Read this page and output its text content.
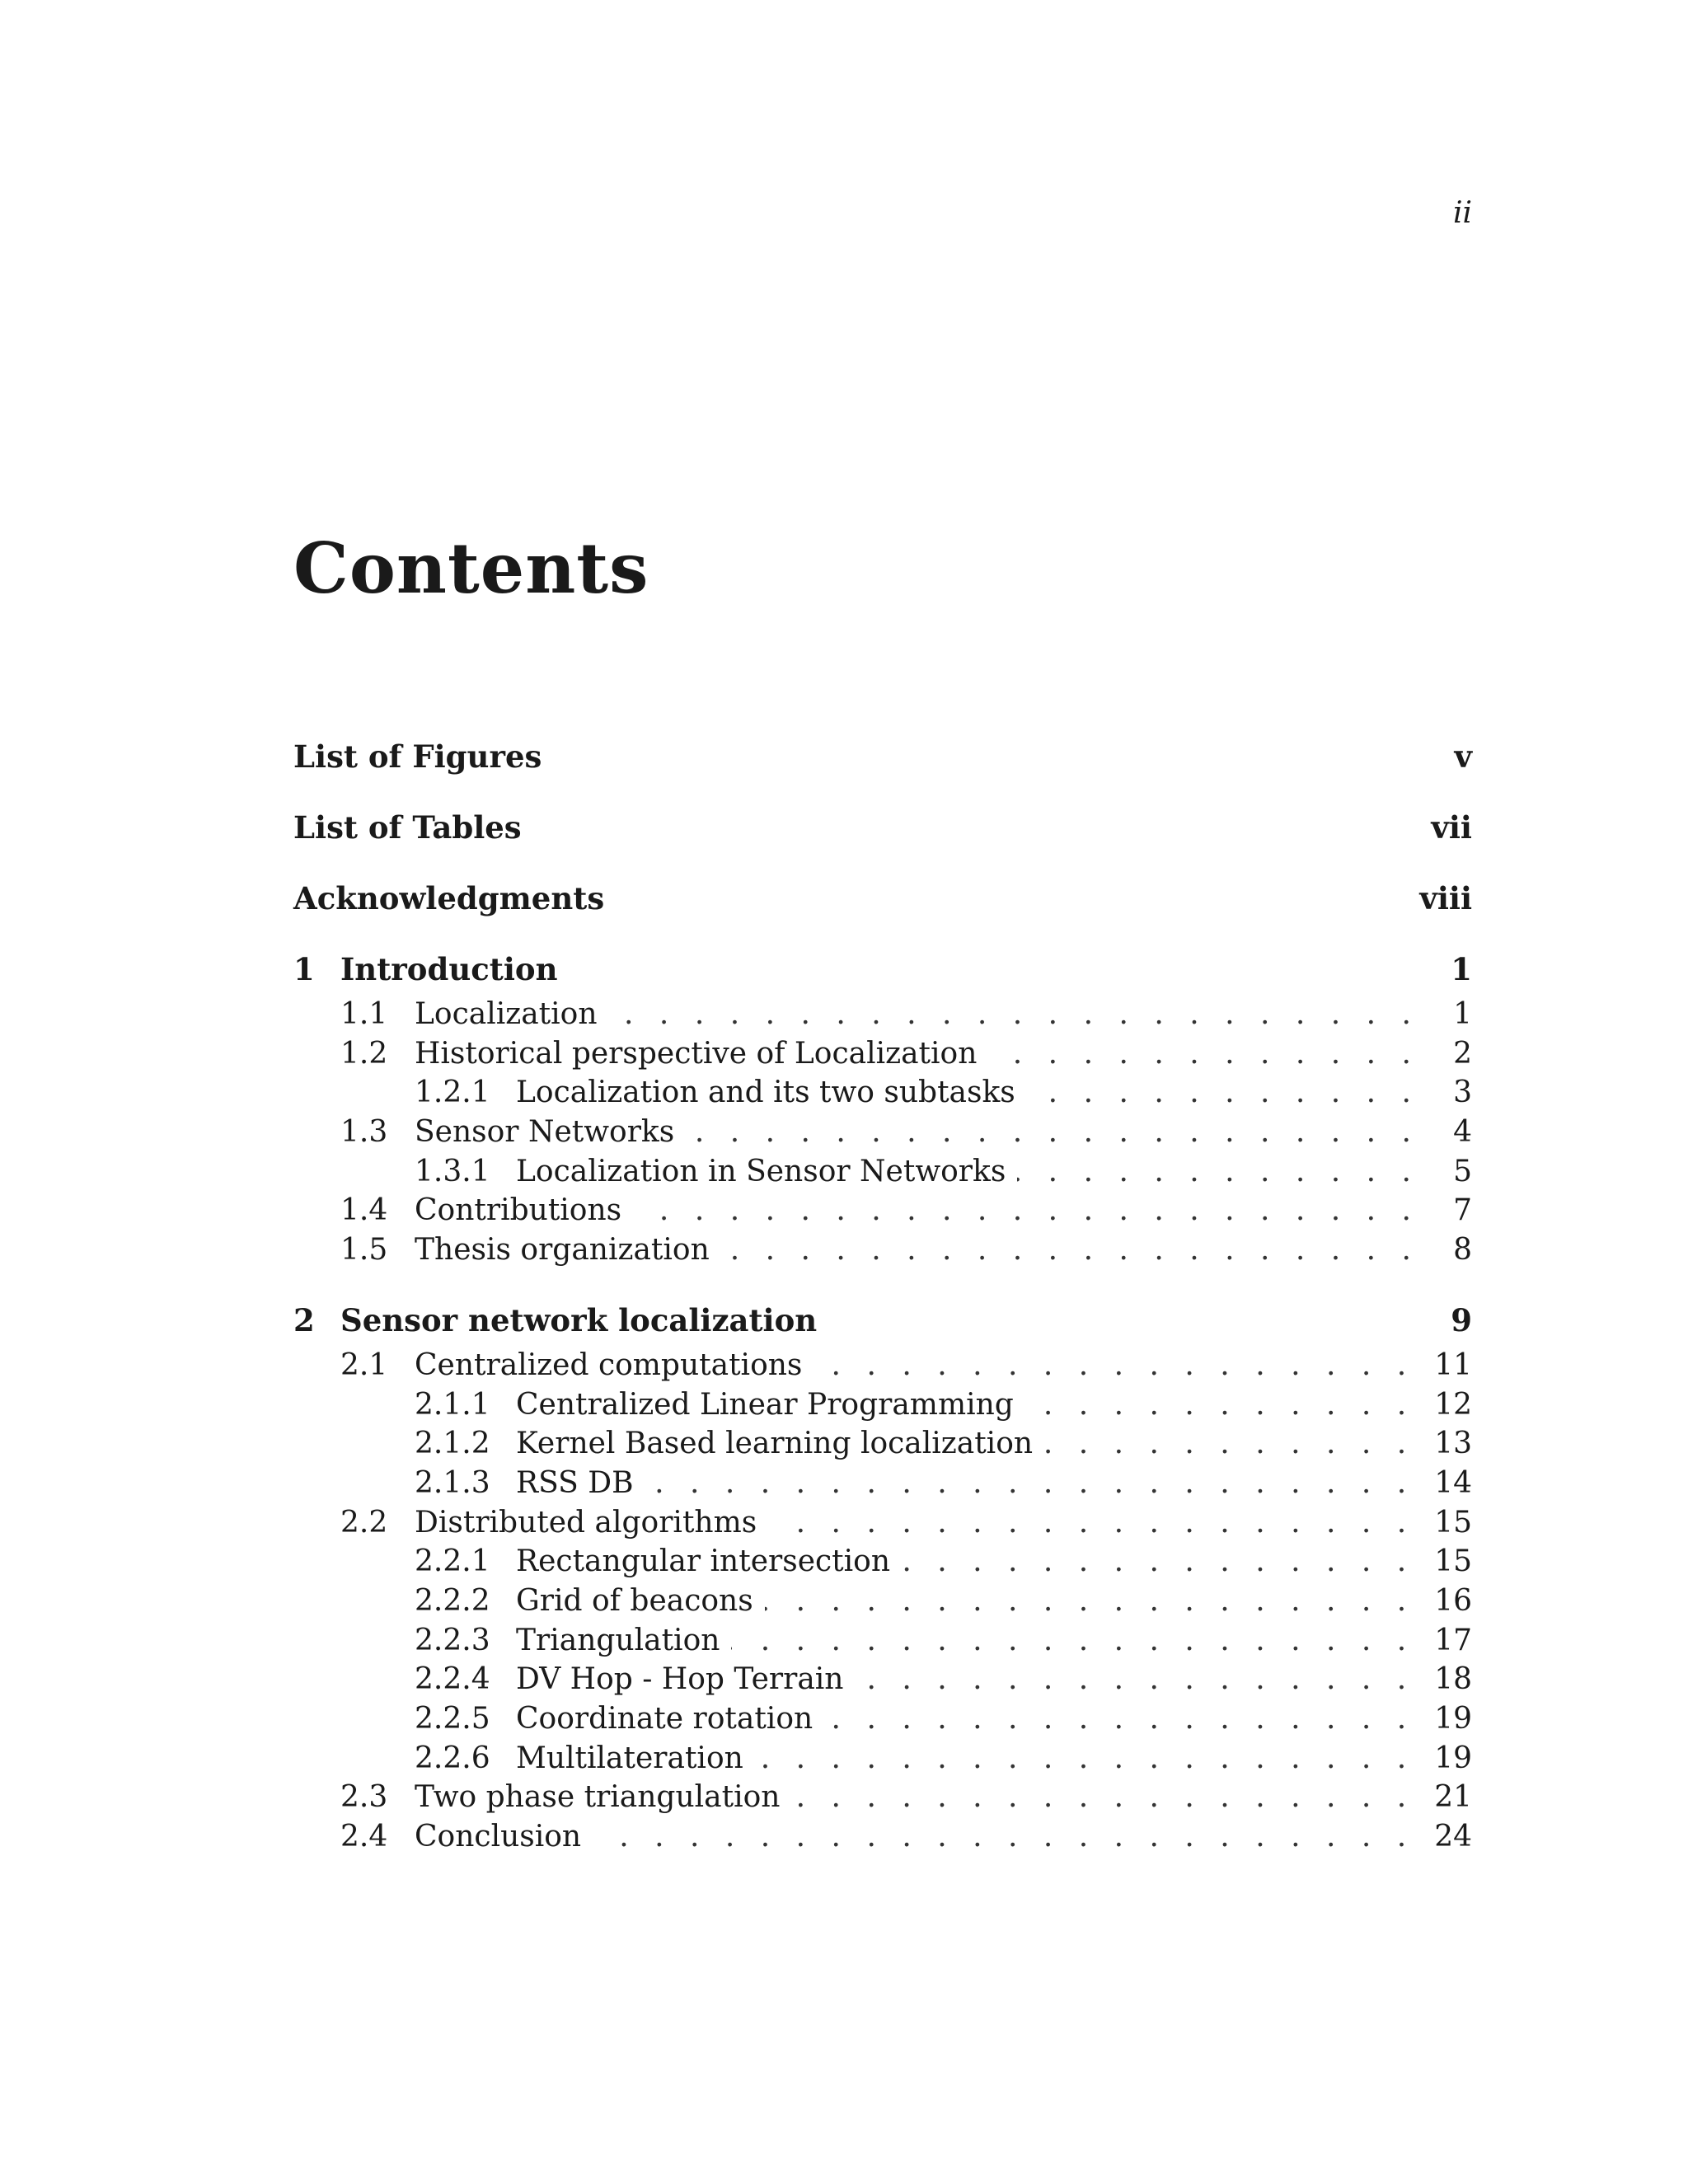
ii
Contents
List of Figures	v
List of Tables	vii
Acknowledgments	viii
1 Introduction	1
1.1 Localization . . .	1
1.2 Historical perspective of Localization . . .	2
1.2.1 Localization and its two subtasks . . .	3
1.3 Sensor Networks . . .	4
1.3.1 Localization in Sensor Networks . . .	5
1.4 Contributions . . .	7
1.5 Thesis organization . . .	8
2 Sensor network localization	9
2.1 Centralized computations . . .	11
2.1.1 Centralized Linear Programming . . .	12
2.1.2 Kernel Based learning localization . . .	13
2.1.3 RSS DB . . .	14
2.2 Distributed algorithms . . .	15
2.2.1 Rectangular intersection . . .	15
2.2.2 Grid of beacons . . .	16
2.2.3 Triangulation . . .	17
2.2.4 DV Hop - Hop Terrain . . .	18
2.2.5 Coordinate rotation . . .	19
2.2.6 Multilateration . . .	19
2.3 Two phase triangulation . . .	21
2.4 Conclusion . . .	24
